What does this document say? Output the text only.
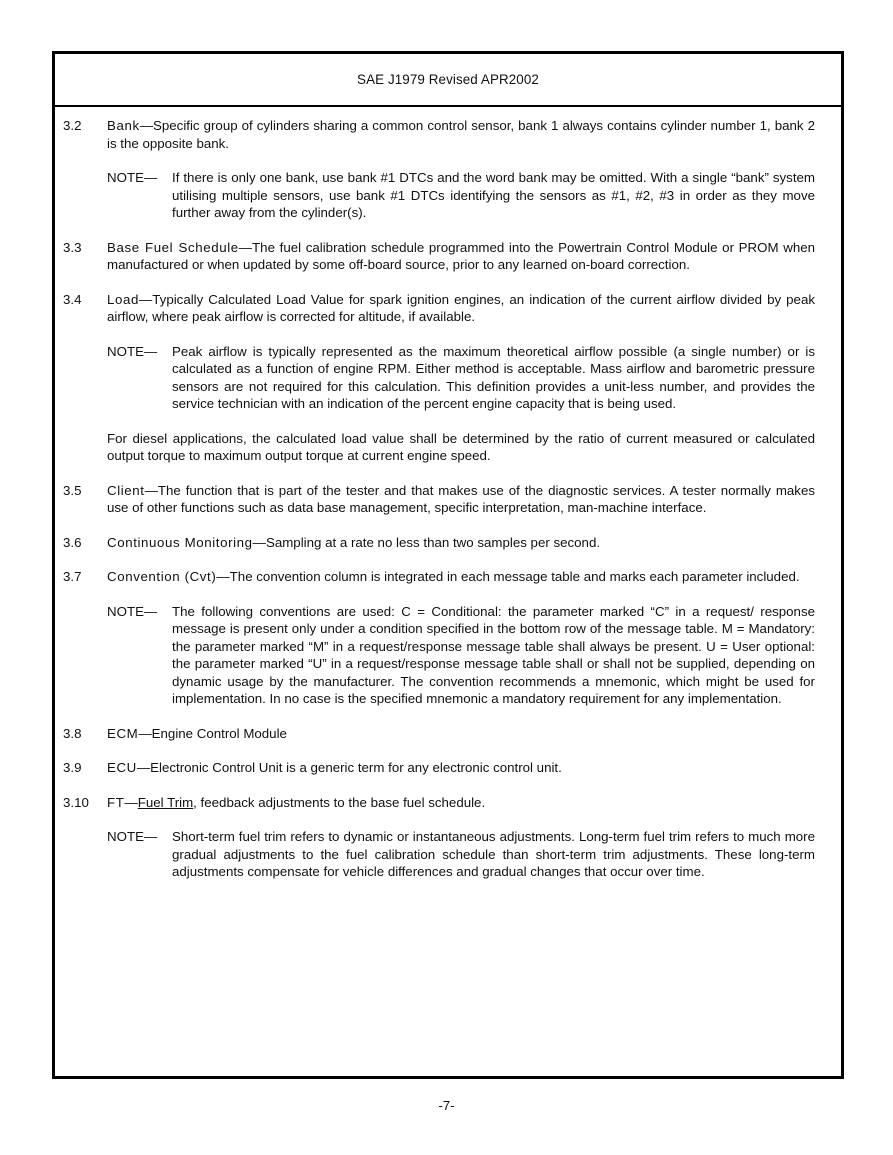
SAE J1979 Revised APR2002
3.2	Bank—Specific group of cylinders sharing a common control sensor, bank 1 always contains cylinder number 1, bank 2 is the opposite bank.
NOTE—	If there is only one bank, use bank #1 DTCs and the word bank may be omitted. With a single “bank” system utilising multiple sensors, use bank #1 DTCs identifying the sensors as #1, #2, #3 in order as they move further away from the cylinder(s).
3.3	Base Fuel Schedule—The fuel calibration schedule programmed into the Powertrain Control Module or PROM when manufactured or when updated by some off-board source, prior to any learned on-board correction.
3.4	Load—Typically Calculated Load Value for spark ignition engines, an indication of the current airflow divided by peak airflow, where peak airflow is corrected for altitude, if available.
NOTE—	Peak airflow is typically represented as the maximum theoretical airflow possible (a single number) or is calculated as a function of engine RPM. Either method is acceptable. Mass airflow and barometric pressure sensors are not required for this calculation. This definition provides a unit-less number, and provides the service technician with an indication of the percent engine capacity that is being used.
For diesel applications, the calculated load value shall be determined by the ratio of current measured or calculated output torque to maximum output torque at current engine speed.
3.5	Client—The function that is part of the tester and that makes use of the diagnostic services. A tester normally makes use of other functions such as data base management, specific interpretation, man-machine interface.
3.6	Continuous Monitoring—Sampling at a rate no less than two samples per second.
3.7	Convention (Cvt)—The convention column is integrated in each message table and marks each parameter included.
NOTE—	The following conventions are used: C = Conditional: the parameter marked “C” in a request/ response message is present only under a condition specified in the bottom row of the message table. M = Mandatory: the parameter marked “M” in a request/response message table shall always be present. U = User optional: the parameter marked “U” in a request/response message table shall or shall not be supplied, depending on dynamic usage by the manufacturer. The convention recommends a mnemonic, which might be used for implementation. In no case is the specified mnemonic a mandatory requirement for any implementation.
3.8	ECM—Engine Control Module
3.9	ECU—Electronic Control Unit is a generic term for any electronic control unit.
3.10	FT—Fuel Trim, feedback adjustments to the base fuel schedule.
NOTE—	Short-term fuel trim refers to dynamic or instantaneous adjustments. Long-term fuel trim refers to much more gradual adjustments to the fuel calibration schedule than short-term trim adjustments. These long-term adjustments compensate for vehicle differences and gradual changes that occur over time.
-7-
